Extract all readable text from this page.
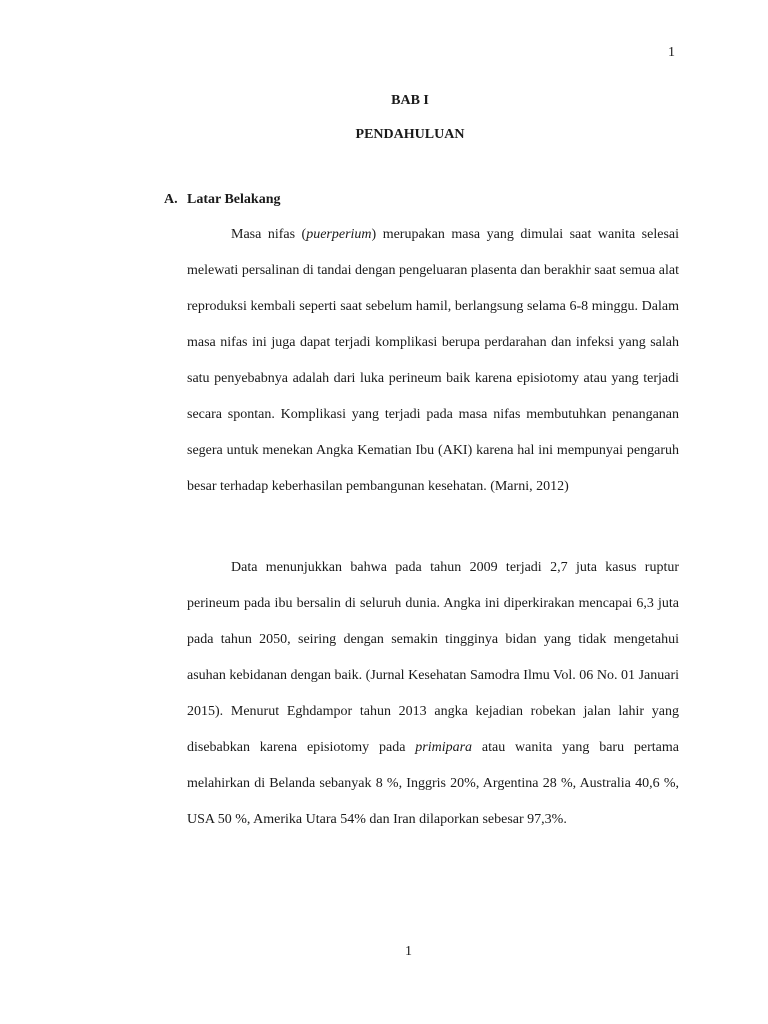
1
BAB I
PENDAHULUAN
A. Latar Belakang

Masa nifas (puerperium) merupakan masa yang dimulai saat wanita selesai melewati persalinan di tandai dengan pengeluaran plasenta dan berakhir saat semua alat reproduksi kembali seperti saat sebelum hamil, berlangsung selama 6-8 minggu. Dalam masa nifas ini juga dapat terjadi komplikasi berupa perdarahan dan infeksi yang salah satu penyebabnya adalah dari luka perineum baik karena episiotomy atau yang terjadi secara spontan. Komplikasi yang terjadi pada masa nifas membutuhkan penanganan segera untuk menekan Angka Kematian Ibu (AKI) karena hal ini mempunyai pengaruh besar terhadap keberhasilan pembangunan kesehatan. (Marni, 2012)

Data menunjukkan bahwa pada tahun 2009 terjadi 2,7 juta kasus ruptur perineum pada ibu bersalin di seluruh dunia. Angka ini diperkirakan mencapai 6,3 juta pada tahun 2050, seiring dengan semakin tingginya bidan yang tidak mengetahui asuhan kebidanan dengan baik. (Jurnal Kesehatan Samodra Ilmu Vol. 06 No. 01 Januari 2015). Menurut Eghdampor tahun 2013 angka kejadian robekan jalan lahir yang disebabkan karena episiotomy pada primipara atau wanita yang baru pertama melahirkan di Belanda sebanyak 8 %, Inggris 20%, Argentina 28 %, Australia 40,6 %, USA 50 %, Amerika Utara 54% dan Iran dilaporkan sebesar 97,3%.

1
